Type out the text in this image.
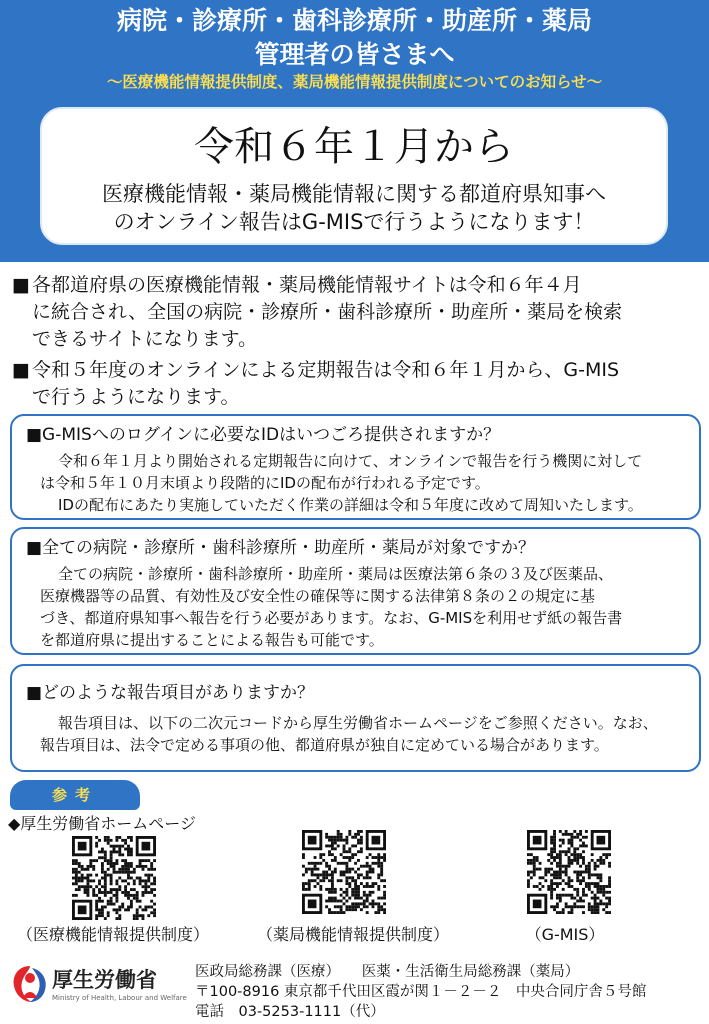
病院・診療所・歯科診療所・助産所・薬局
管理者の皆さまへ
～医療機能情報提供制度、薬局機能情報提供制度についてのお知らせ～
令和６年１月から
医療機能情報・薬局機能情報に関する都道府県知事へ
のオンライン報告はG-MISで行うようになります！
■ 各都道府県の医療機能情報・薬局機能情報サイトは令和６年４月
に統合され、全国の病院・診療所・歯科診療所・助産所・薬局を検索
できるサイトになります。
■ 令和５年度のオンラインによる定期報告は令和６年１月から、G-MIS
で行うようになります。
■G-MISへのログインに必要なIDはいつごろ提供されますか？
令和６年１月より開始される定期報告に向けて、オンラインで報告を行う機関に対して
は令和５年１０月末頃より段階的にIDの配布が行われる予定です。
IDの配布にあたり実施していただく作業の詳細は令和５年度に改めて周知いたします。
■全ての病院・診療所・歯科診療所・助産所・薬局が対象ですか？
全ての病院・診療所・歯科診療所・助産所・薬局は医療法第６条の３及び医薬品、
医療機器等の品質、有効性及び安全性の確保等に関する法律第８条の２の規定に基
づき、都道府県知事へ報告を行う必要があります。なお、G-MISを利用せず紙の報告書
を都道府県に提出することによる報告も可能です。
■どのような報告項目がありますか？
報告項目は、以下の二次元コードから厚生労働省ホームページをご参照ください。なお、
報告項目は、法令で定める事項の他、都道府県が独自に定めている場合があります。
参考
◆厚生労働省ホームページ
（医療機能情報提供制度）	（薬局機能情報提供制度）	（G-MIS）
厚生労働省
Ministry of Health, Labour and Welfare
医政局総務課（医療）　　医薬・生活衛生局総務課（薬局）
〒100-8916 東京都千代田区霞が関１－２－２　中央合同庁舎５号館
電話　03-5253-1111（代）
